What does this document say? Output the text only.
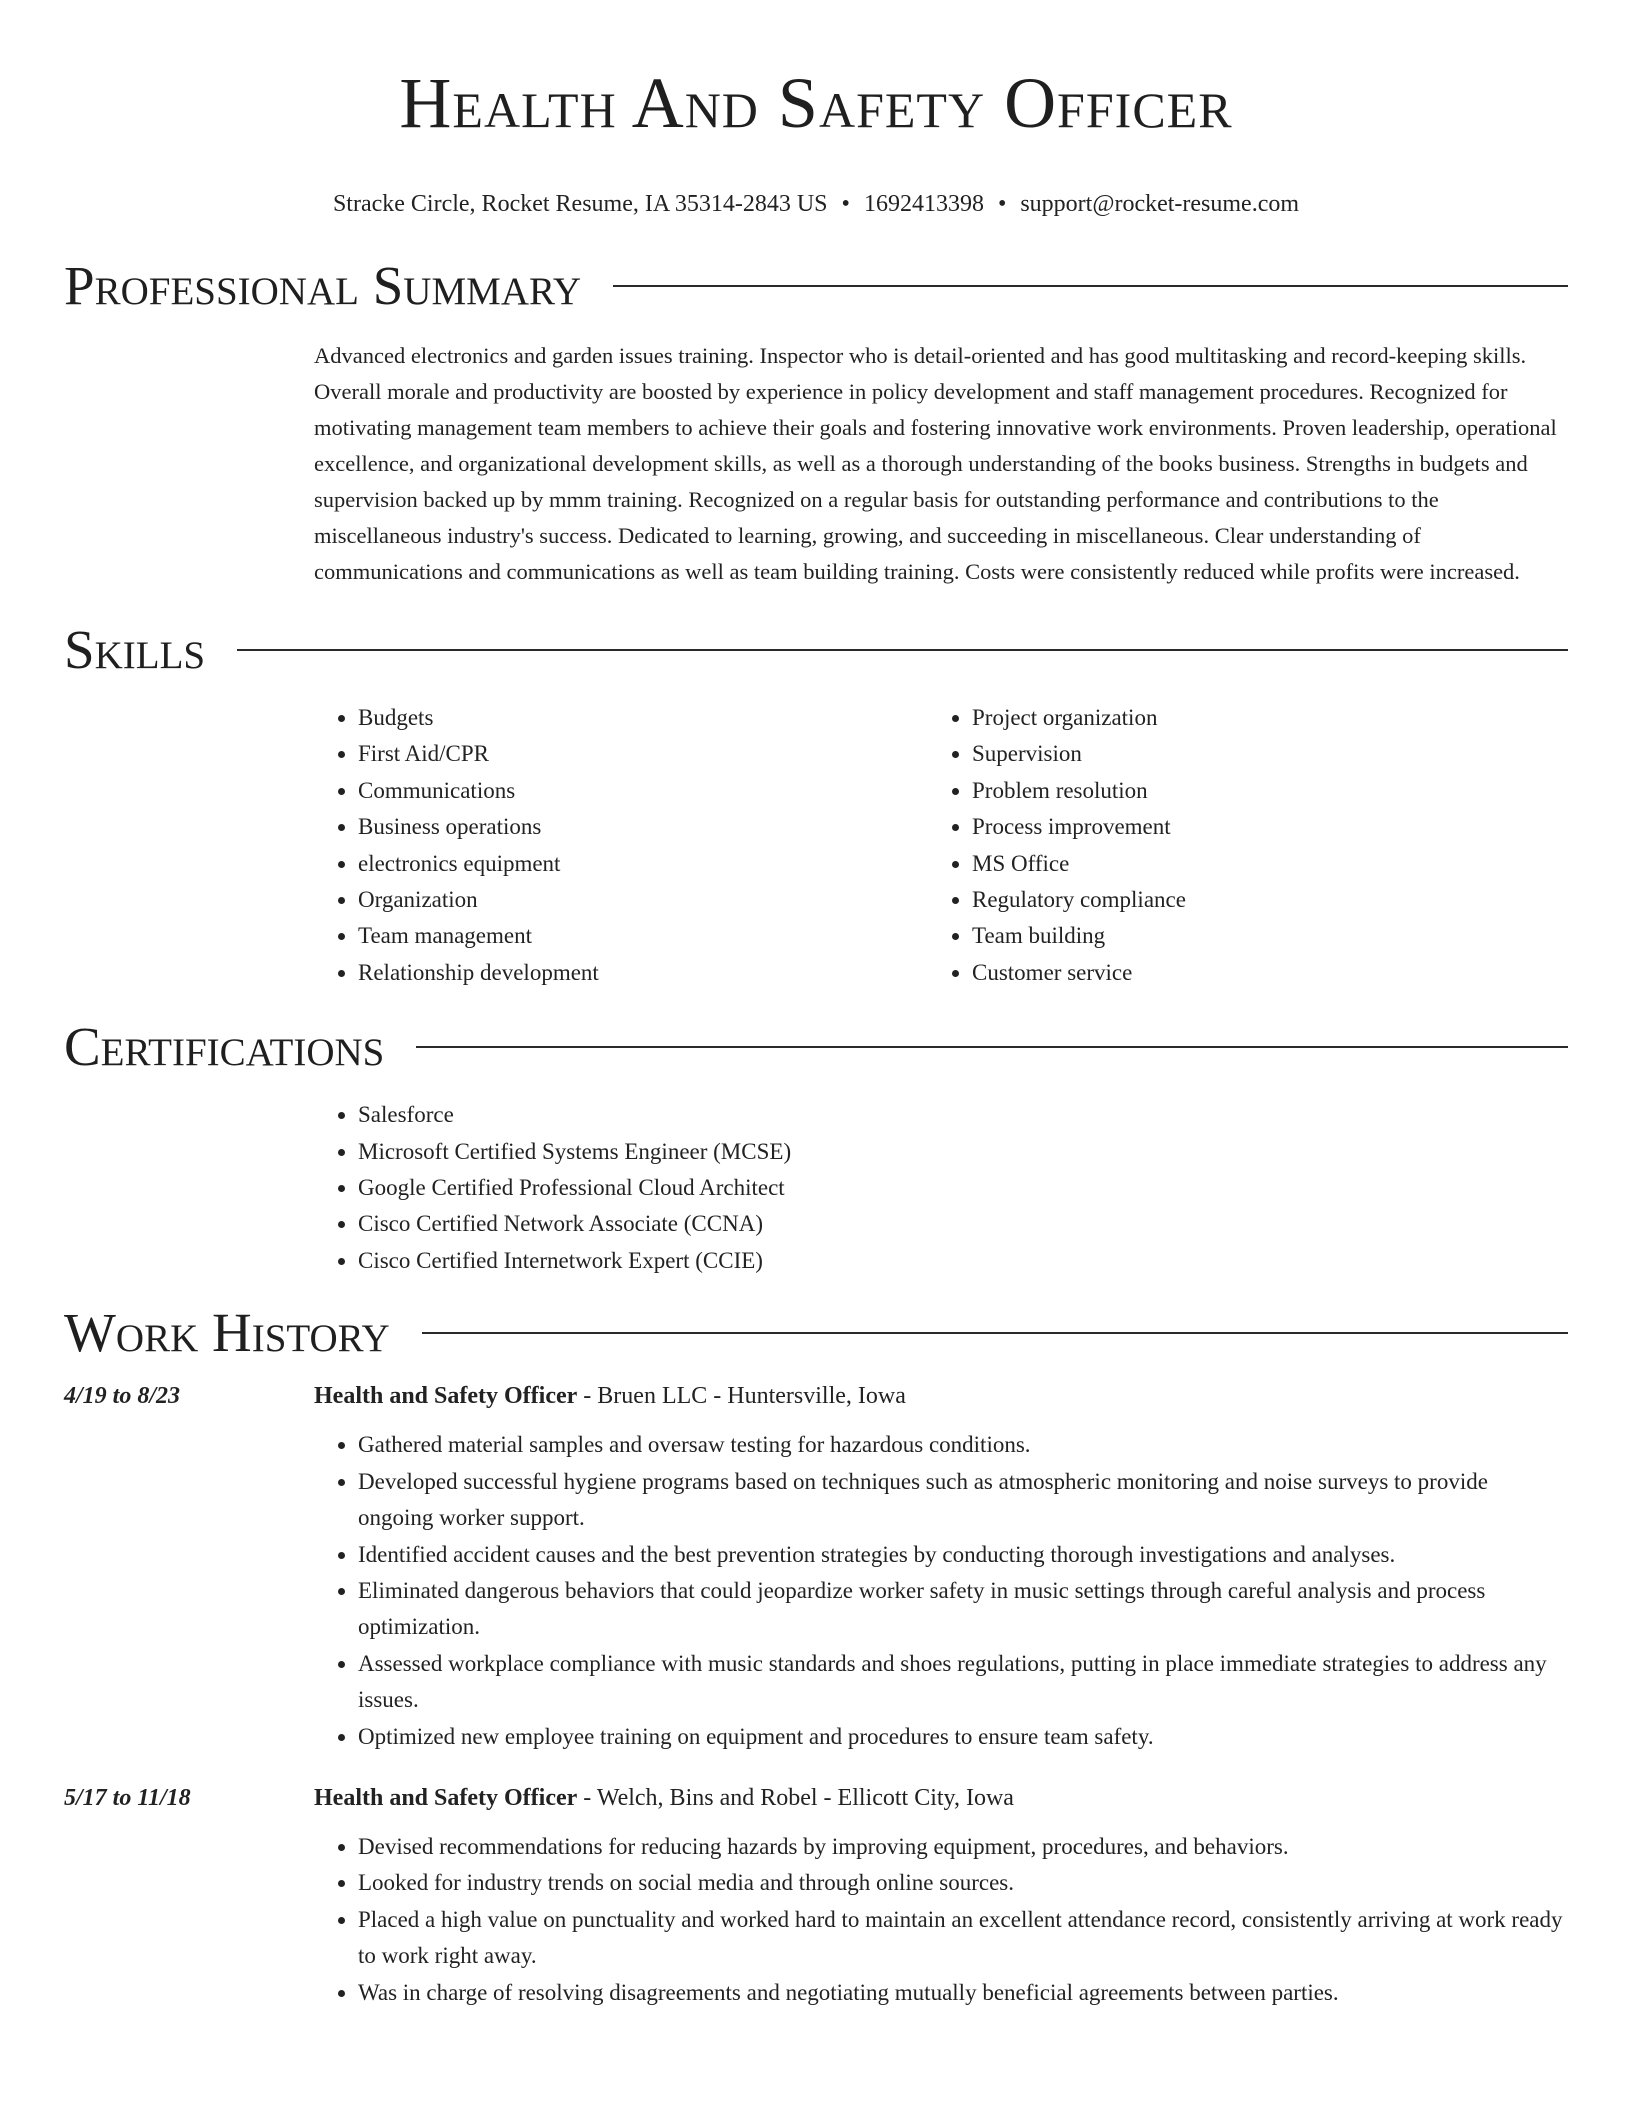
Health And Safety Officer
Stracke Circle, Rocket Resume, IA 35314-2843 US • 1692413398 • support@rocket-resume.com
Professional Summary

Advanced electronics and garden issues training. Inspector who is detail-oriented and has good multitasking and record-keeping skills. Overall morale and productivity are boosted by experience in policy development and staff management procedures. Recognized for motivating management team members to achieve their goals and fostering innovative work environments. Proven leadership, operational excellence, and organizational development skills, as well as a thorough understanding of the books business. Strengths in budgets and supervision backed up by mmm training. Recognized on a regular basis for outstanding performance and contributions to the miscellaneous industry's success. Dedicated to learning, growing, and succeeding in miscellaneous. Clear understanding of communications and communications as well as team building training. Costs were consistently reduced while profits were increased.

Skills
• Budgets
• First Aid/CPR
• Communications
• Business operations
• electronics equipment
• Organization
• Team management
• Relationship development
• Project organization
• Supervision
• Problem resolution
• Process improvement
• MS Office
• Regulatory compliance
• Team building
• Customer service
Certifications
• Salesforce
• Microsoft Certified Systems Engineer (MCSE)
• Google Certified Professional Cloud Architect
• Cisco Certified Network Associate (CCNA)
• Cisco Certified Internetwork Expert (CCIE)
Work History
4/19 to 8/23	Health and Safety Officer - Bruen LLC - Huntersville, Iowa
• Gathered material samples and oversaw testing for hazardous conditions.
• Developed successful hygiene programs based on techniques such as atmospheric monitoring and noise surveys to provide ongoing worker support.
• Identified accident causes and the best prevention strategies by conducting thorough investigations and analyses.
• Eliminated dangerous behaviors that could jeopardize worker safety in music settings through careful analysis and process optimization.
• Assessed workplace compliance with music standards and shoes regulations, putting in place immediate strategies to address any issues.
• Optimized new employee training on equipment and procedures to ensure team safety.
5/17 to 11/18	Health and Safety Officer - Welch, Bins and Robel - Ellicott City, Iowa
• Devised recommendations for reducing hazards by improving equipment, procedures, and behaviors.
• Looked for industry trends on social media and through online sources.
• Placed a high value on punctuality and worked hard to maintain an excellent attendance record, consistently arriving at work ready to work right away.
• Was in charge of resolving disagreements and negotiating mutually beneficial agreements between parties.
